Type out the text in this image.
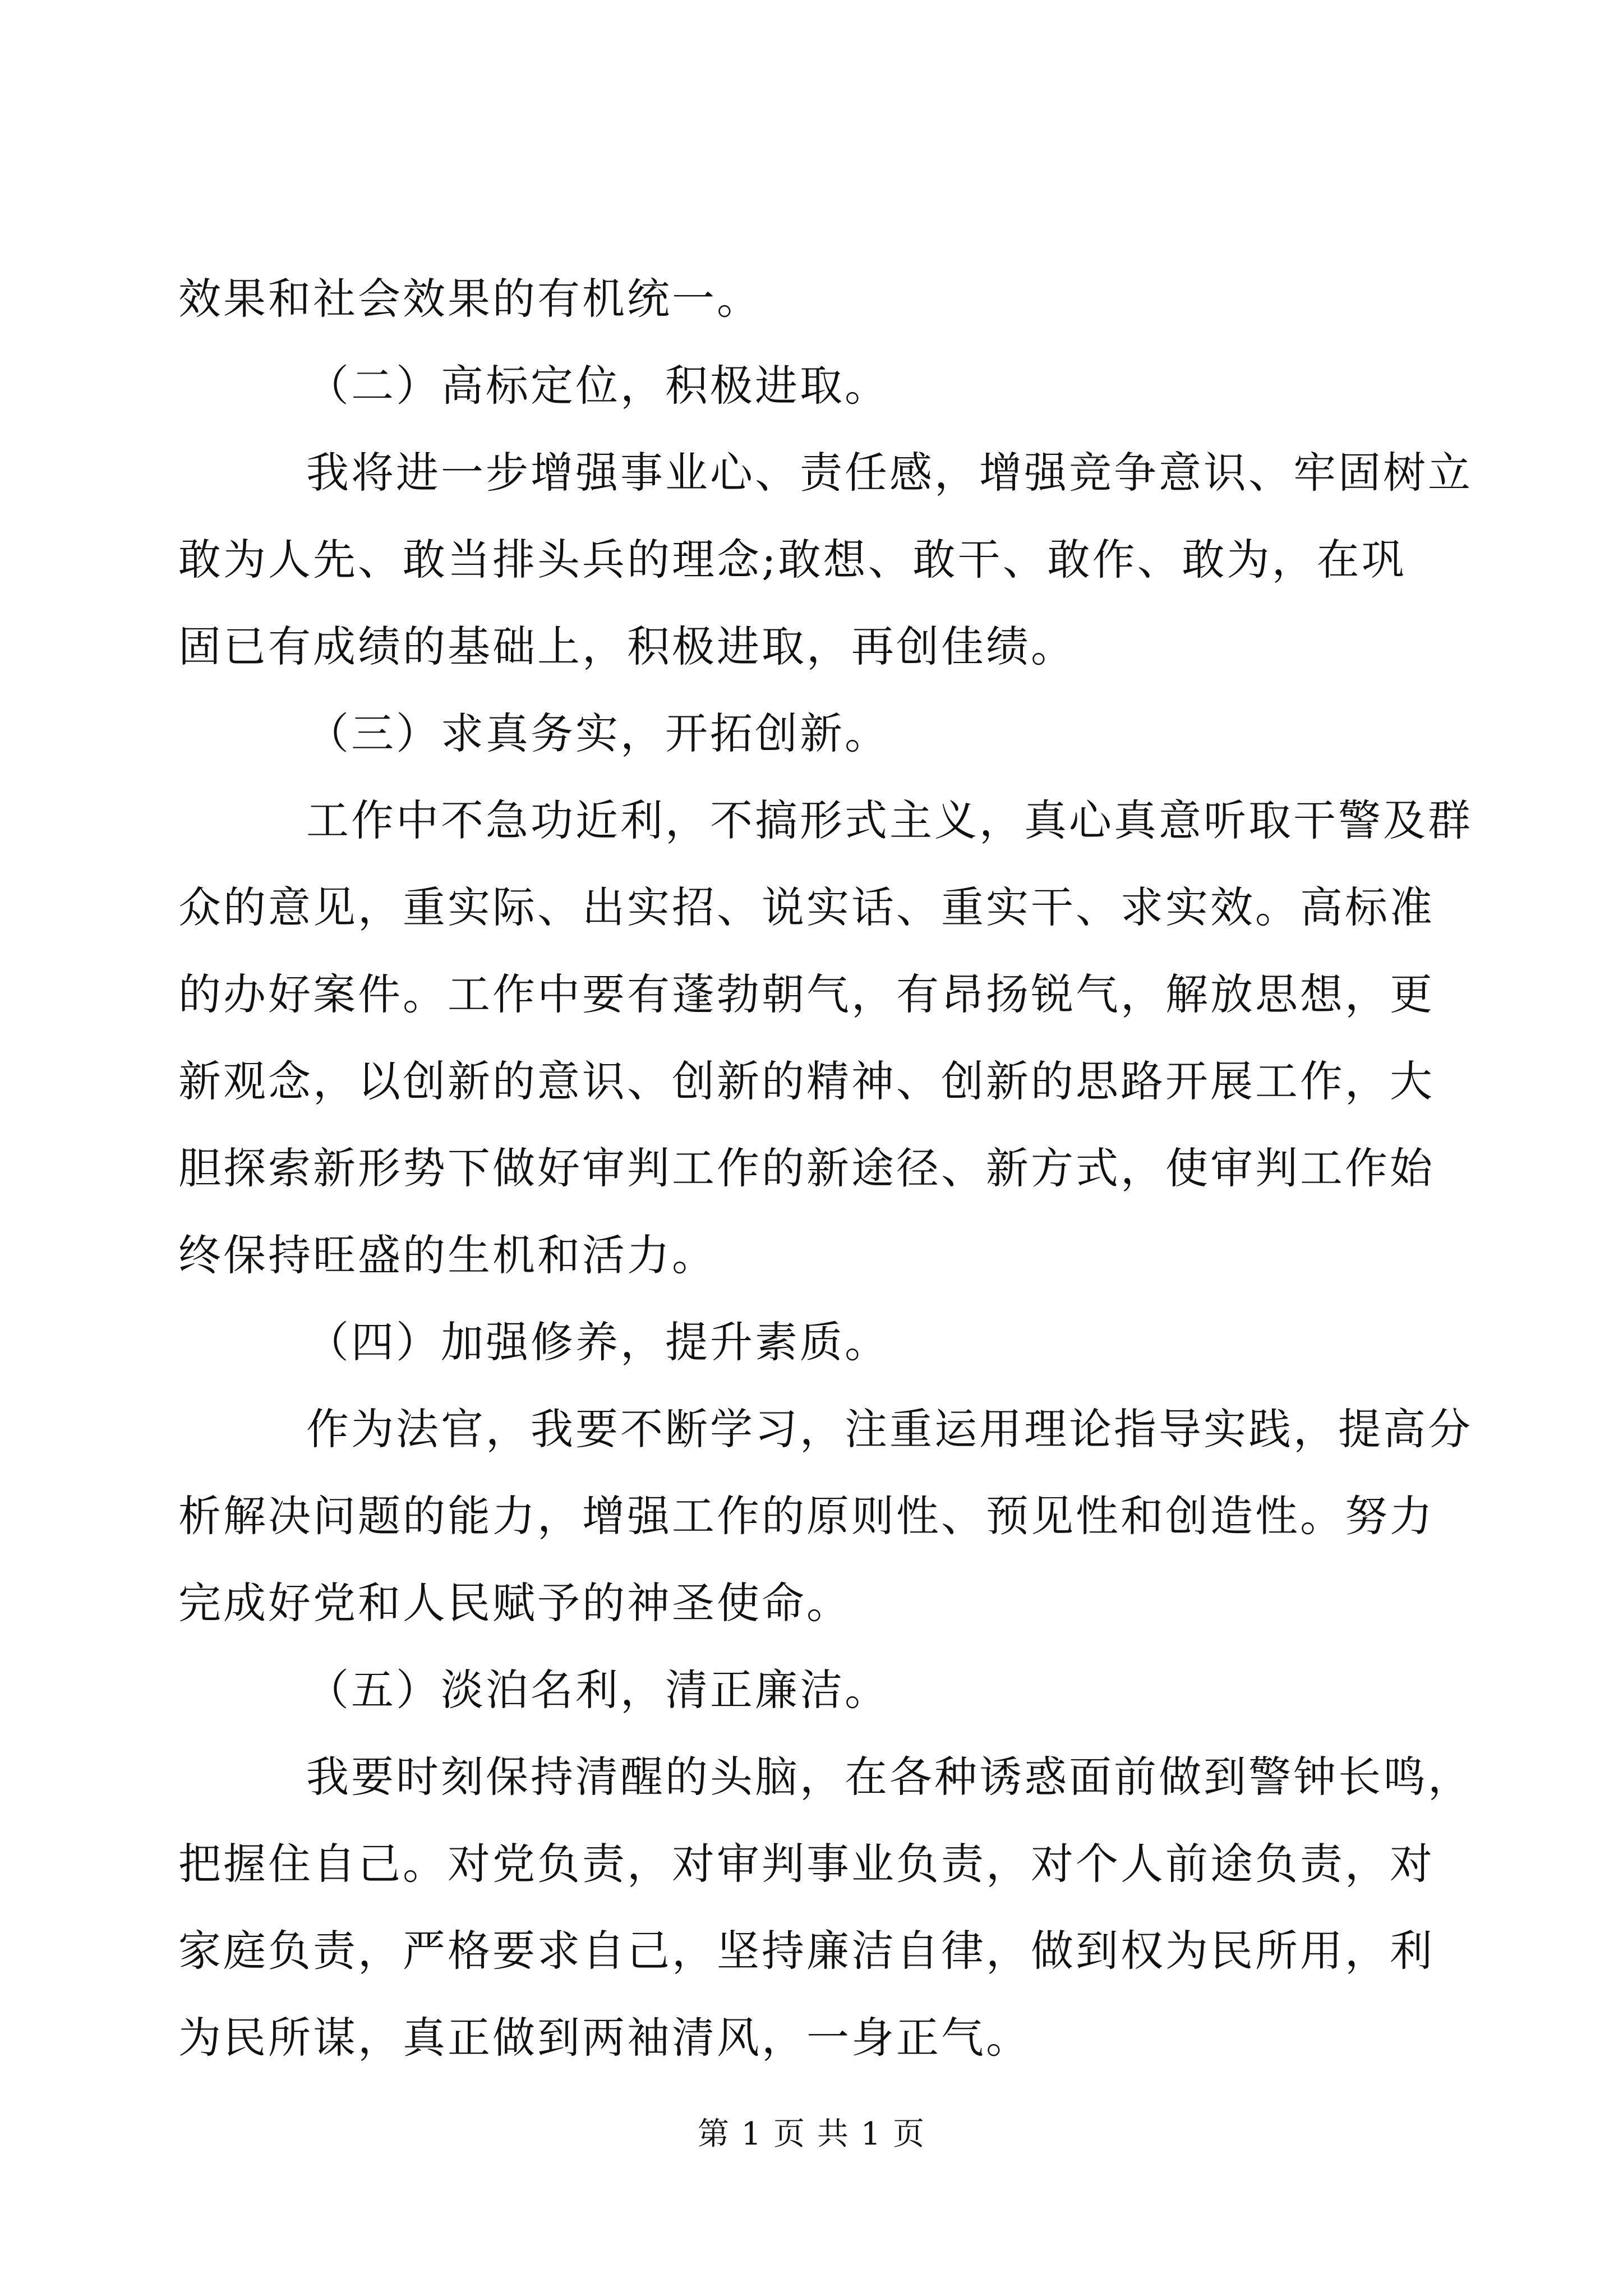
效果和社会效果的有机统一。
（二）高标定位，积极进取。
我将进一步增强事业心、责任感，增强竞争意识、牢固树立
敢为人先、敢当排头兵的理念;敢想、敢干、敢作、敢为，在巩
固已有成绩的基础上，积极进取，再创佳绩。
（三）求真务实，开拓创新。
工作中不急功近利，不搞形式主义，真心真意听取干警及群
众的意见，重实际、出实招、说实话、重实干、求实效。高标准
的办好案件。工作中要有蓬勃朝气，有昂扬锐气，解放思想，更
新观念，以创新的意识、创新的精神、创新的思路开展工作，大
胆探索新形势下做好审判工作的新途径、新方式，使审判工作始
终保持旺盛的生机和活力。
（四）加强修养，提升素质。
作为法官，我要不断学习，注重运用理论指导实践，提高分
析解决问题的能力，增强工作的原则性、预见性和创造性。努力
完成好党和人民赋予的神圣使命。
（五）淡泊名利，清正廉洁。
我要时刻保持清醒的头脑，在各种诱惑面前做到警钟长鸣，
把握住自己。对党负责，对审判事业负责，对个人前途负责，对
家庭负责，严格要求自己，坚持廉洁自律，做到权为民所用，利
为民所谋，真正做到两袖清风，一身正气。
第 1 页 共 1 页
